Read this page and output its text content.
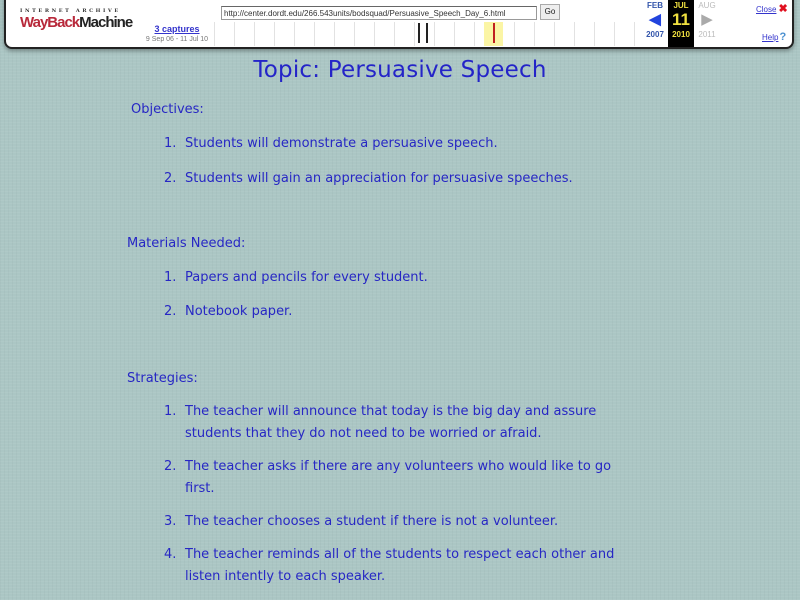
INTERNET ARCHIVE
WayBackMachine	3 captures
9 Sep 06 - 11 Jul 10
http://center.dordt.edu/266.543units/bodsquad/Persuasive_Speech_Day_6.html
Go
FEB
◀
2007
JUL
11
2010
AUG
▶
2011
Close ✖
Help?
Topic: Persuasive Speech
Objectives:
1. Students will demonstrate a persuasive speech.
2. Students will gain an appreciation for persuasive speeches.
Materials Needed:
1. Papers and pencils for every student.
2. Notebook paper.
Strategies:
1. The teacher will announce that today is the big day and assure
students that they do not need to be worried or afraid.
2. The teacher asks if there are any volunteers who would like to go
first.
3. The teacher chooses a student if there is not a volunteer.
4. The teacher reminds all of the students to respect each other and
listen intently to each speaker.
